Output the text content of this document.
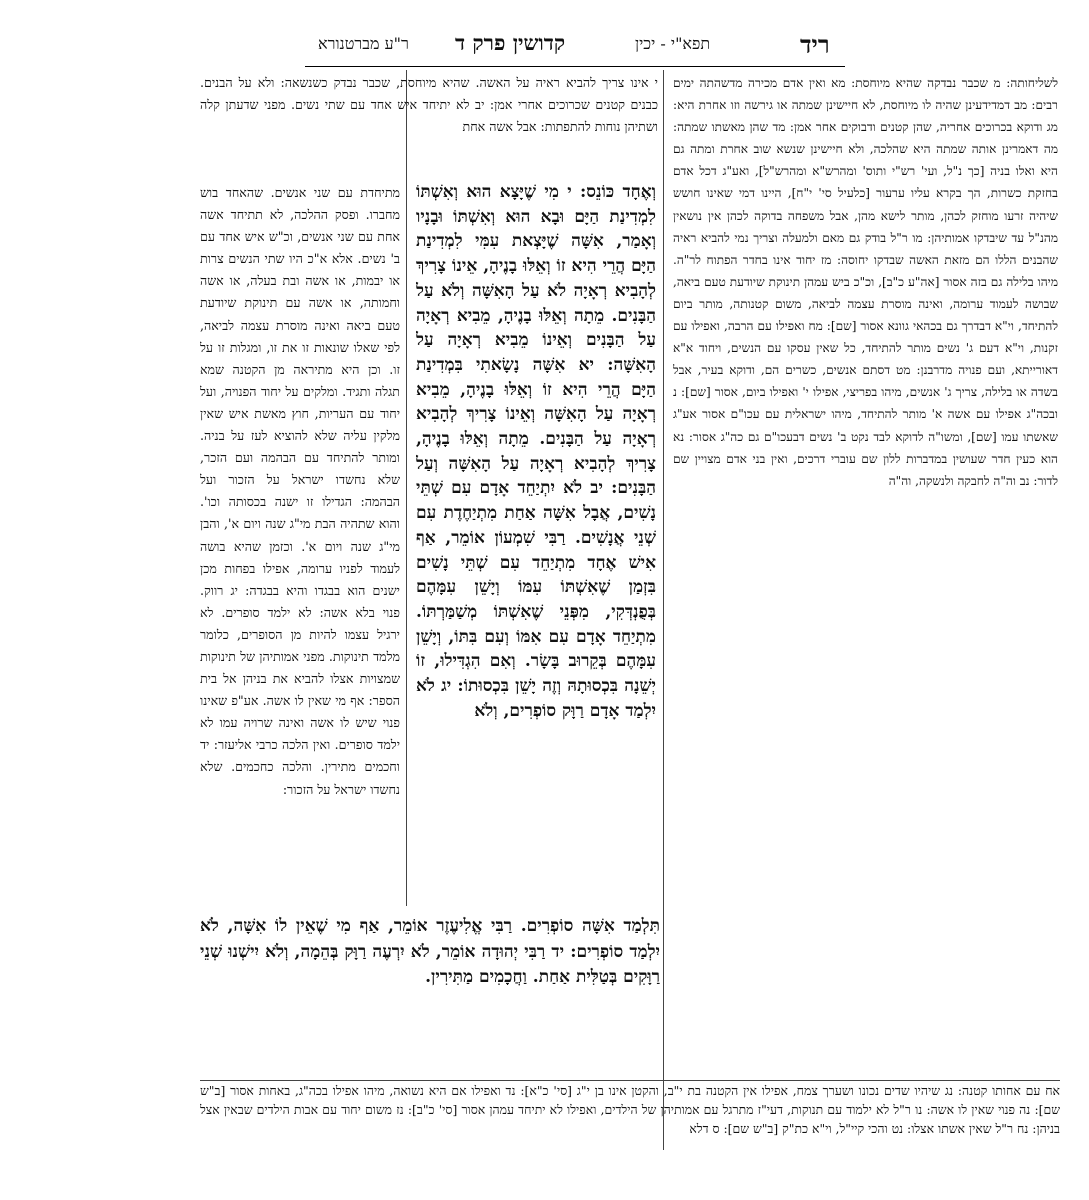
ריד
תפא"י - יכין
קדושין פרק ד
ר"ע מברטנורא

לשליחותה: מ שכבר נבדקה שהיא מיוחסת: מא ואין אדם מכירה מדשהתה ימים רבים: מב דמדידעינן שהיה לו מיוחסת, לא חיישינן שמתה או גירשה וזו אחרת היא: מג ודוקא בכרוכים אחריה, שהן קטנים ודבוקים אחר אמן: מד שהן מאשתו שמתה: מה דאמרינן אותה שמתה היא שהלכה, ולא חיישינן שנשא שוב אחרת ומתה גם היא ואלו בניה [כך נ"ל, ועי' רש"י ותוס' ומהרש"א ומהרש"ל], ואע"ג דכל אדם בחזקת כשרות, הך בקרא עליו ערעור [כלעיל סי' י"ח], היינו דמי שאינו חושש שיהיה זרעו מוחזק לכהן, מותר לישא מהן, אבל משפחה בדוקה לכהן אין נושאין מהנ"ל עד שיבדקו אמותיהן: מו ר"ל בודק גם מאם ולמעלה וצריך נמי להביא ראיה שהבנים הללו הם מזאת האשה שבדקו יחוסה: מז יחוד אינו בחדר הפתוח לר"ה. מיהו בלילה גם בזה אסור [אה"ע כ"ב], וכ"כ ביש עמהן תינוקת שיודעת טעם ביאה, שבושה לעמוד ערומה, ואינה מוסרת עצמה לביאה, משום קטנותה, מותר ביום להתיחד, וי"א דבדרך גם בכהאי גוונא אסור [שם]: מח ואפילו עם הרבה, ואפילו עם זקנות, וי"א דעם ג' נשים מותר להתיחד, כל שאין עסקו עם הנשים, ויחוד א"א דאורייתא, ועם פנויה מדרבנן: מט דסתם אנשים, כשרים הם, ודוקא בעיר, אבל בשדה או בלילה, צריך ג' אנשים, מיהו בפריצי, אפילו י' ואפילו ביום, אסור [שם]: נ ובכה"ג אפילו עם אשה א' מותר להתיחד, מיהו ישראלית עם עכו"ם אסור אע"ג שאשתו עמו [שם], ומשו"ה לדוקא לבד נקט ב' נשים דבעכו"ם גם כה"ג אסור: נא הוא כעין חדר שעושין במדברות ללון שם עוברי דרכים, ואין בני אדם מצויין שם לדור: נב וה"ה לחבקה ולנשקה, וה"ה

י אינו צריך להביא ראיה על האשה. שהיא מיוחסת, שכבר נבדק כשנשאה: ולא על הבנים. כבנים קטנים שכרוכים אחרי אמן: יב לא יתיחד איש אחד עם שתי נשים. מפני שדעתן קלה ושתיהן נוחות להתפתות: אבל אשה אחת

וְאֶחָד כּוֹנֵס: י מִי שֶׁיָּצָא הוּא וְאִשְׁתּוֹ לִמְדִינַת הַיָּם וּבָא הוּא וְאִשְׁתּוֹ וּבָנָיו וְאָמַר, אִשָּׁה שֶׁיָּצְאת עִמִּי לִמְדִינַת הַיָּם הֲרֵי הִיא זוֹ וְאֵלּוּ בָנֶיהָ, אֵינוֹ צָרִיךְ לְהָבִיא רְאָיָה לֹא עַל הָאִשָּׁה וְלֹא עַל הַבָּנִים. מֵתָה וְאֵלּוּ בָנֶיהָ, מֵבִיא רְאָיָה עַל הַבָּנִים וְאֵינוֹ מֵבִיא רְאָיָה עַל הָאִשָּׁה: יא אִשָּׁה נָשָׂאתִי בִּמְדִינַת הַיָּם הֲרֵי הִיא זוֹ וְאֵלּוּ בָנֶיהָ, מֵבִיא רְאָיָה עַל הָאִשָּׁה וְאֵינוֹ צָרִיךְ לְהָבִיא רְאָיָה עַל הַבָּנִים. מֵתָה וְאֵלּוּ בָנֶיהָ, צָרִיךְ לְהָבִיא רְאָיָה עַל הָאִשָּׁה וְעַל הַבָּנִים: יב לֹא יִתְיַחֵד אָדָם עִם שְׁתֵּי נָשִׁים, אֲבָל אִשָּׁה אַחַת מִתְיַחֶדֶת עִם שְׁנֵי אֲנָשִׁים. רַבִּי שִׁמְעוֹן אוֹמֵר, אַף אִישׁ אֶחָד מִתְיַחֵד עִם שְׁתֵּי נָשִׁים בִּזְמַן שֶׁאִשְׁתּוֹ עִמּוֹ וְיָשֵׁן עִמָּהֶם בְּפֻנְדְּקִי, מִפְּנֵי שֶׁאִשְׁתּוֹ מְשַׁמַּרְתּוֹ. מִתְיַחֵד אָדָם עִם אִמּוֹ וְעִם בִּתּוֹ, וְיָשֵׁן עִמָּהֶם בְּקֵרוּב בָּשָׂר. וְאִם הִגְדִּילוּ, זוֹ יְשֵׁנָה בִּכְסוּתָהּ וְזֶה יָשֵׁן בִּכְסוּתוֹ: יג לֹא יִלְמַד אָדָם רַוָּק סוֹפְרִים, וְלֹא

מתיחדת עם שני אנשים. שהאחד בוש מחברו. ופסק ההלכה, לא תתיחד אשה אחת עם שני אנשים, וכ"ש איש אחד עם ב' נשים. אלא א"כ היו שתי הנשים צרות או יבמות, או אשה ובת בעלה, או אשה וחמותה, או אשה עם תינוקת שיודעת טעם ביאה ואינה מוסרת עצמה לביאה, לפי שאלו שונאות זו את זו, ומגלות זו על זו. וכן היא מתיראה מן הקטנה שמא תגלה ותגיד. ומלקים על יחוד הפנויה, ועל יחוד עם העריות, חוץ מאשת איש שאין מלקין עליה שלא להוציא לעז על בניה. ומותר להתיחד עם הבהמה ועם הזכר, שלא נחשדו ישראל על הזכור ועל הבהמה: הגדילו זו ישנה בכסותה וכו'. והוא שתהיה הבת מי"ג שנה ויום א', והבן מי"ג שנה ויום א'. וכזמן שהיא בושה לעמוד לפניו ערומה, אפילו בפחות מכן ישנים הוא בבגדו והיא בבגדה: יג רווק. פנוי בלא אשה: לא ילמד סופרים. לא ירגיל עצמו להיות מן הסופרים, כלומר מלמד תינוקות. מפני אמותיהן של תינוקות שמצויות אצלו להביא את בניהן אל בית הספר: אף מי שאין לו אשה. אע"פ שאינו פנוי שיש לו אשה ואינה שרויה עמו לא ילמד סופרים. ואין הלכה כרבי אליעזר: יד וחכמים מתירין. והלכה כחכמים. שלא נחשדו ישראל על הזכור:

תִּלְמַד אִשָּׁה סוֹפְרִים. רַבִּי אֱלִיעֶזֶר אוֹמֵר, אַף מִי שֶׁאֵין לוֹ אִשָּׁה, לֹא יִלְמַד סוֹפְרִים: יד רַבִּי יְהוּדָה אוֹמֵר, לֹא יִרְעֶה רַוָּק בְּהֵמָה, וְלֹא יִישְׁנוּ שְׁנֵי רַוָּקִים בְּטַלִּית אַחַת. וַחֲכָמִים מַתִּירִין.

אח עם אחותו קטנה: נג שיהיו שדים נכונו ושערך צמח, אפילו אין הקטנה בת י"ב, והקטן אינו בן י"ג [סי' כ"א]: נד ואפילו אם היא נשואה, מיהו אפילו בכה"ג, באחות אסור [ב"ש שם]: נה פנוי שאין לו אשה: נו ר"ל לא ילמוד עם תנוקות, דעי"ז מתרגל עם אמותיהן של הילדים, ואפילו לא יתיחד עמהן אסור [סי' כ"ב]: נז משום יחוד עם אבות הילדים שבאין אצל בניהן: נח ר"ל שאין אשתו אצלו: נט והכי קיי"ל, וי"א כת"ק [ב"ש שם]: ס דלא
